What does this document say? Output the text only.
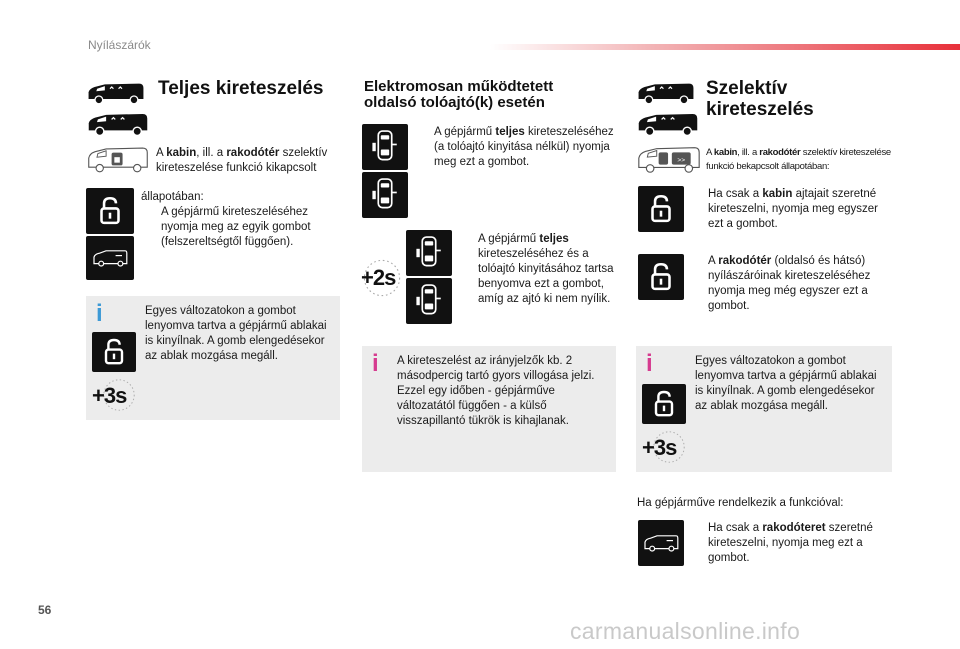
Nyílászárók
Teljes kireteszelés
A kabin, ill. a rakodótér szelektív kireteszelése funkció kikapcsolt
állapotában:
A gépjármű kireteszeléséhez nyomja meg az egyik gombot (felszereltségtől függően).
i	Egyes változatokon a gombot lenyomva tartva a gépjármű ablakai is kinyílnak. A gomb elengedésekor az ablak mozgása megáll.
+3s
Elektromosan működtetett
oldalsó tolóajtó(k) esetén
A gépjármű teljes kireteszeléséhez (a tolóajtó kinyitása nélkül) nyomja meg ezt a gombot.
+2s
A gépjármű teljes kireteszeléséhez és a tolóajtó kinyitásához tartsa benyomva ezt a gombot, amíg az ajtó ki nem nyílik.
i A kireteszelést az irányjelzők kb. 2 másodpercig tartó gyors villogása jelzi. Ezzel egy időben - gépjárműve változatától függően - a külső visszapillantó tükrök is kihajlanak.
Szelektív
kireteszelés
A kabin, ill. a rakodótér szelektív kireteszelése funkció bekapcsolt állapotában:
Ha csak a kabin ajtajait szeretné kireteszelni, nyomja meg egyszer ezt a gombot.
A rakodótér (oldalsó és hátsó) nyílászáróinak kireteszeléséhez nyomja meg még egyszer ezt a gombot.
i	Egyes változatokon a gombot lenyomva tartva a gépjármű ablakai is kinyílnak. A gomb elengedésekor az ablak mozgása megáll.
+3s
Ha gépjárműve rendelkezik a funkcióval:
Ha csak a rakodóteret szeretné kireteszelni, nyomja meg ezt a gombot.
56
carmanualsonline.info
